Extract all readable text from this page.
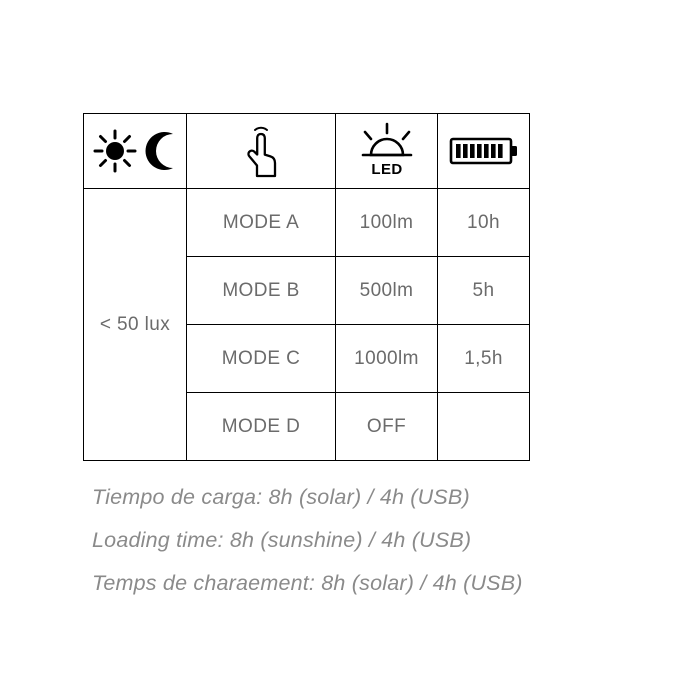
LED

< 50 lux	MODE A	100lm	10h
	MODE B	500lm	5h
	MODE C	1000lm	1,5h
	MODE D	OFF	
Tiempo de carga: 8h (solar) / 4h (USB)
Loading time: 8h (sunshine) / 4h (USB)
Temps de charaement: 8h (solar) / 4h (USB)
